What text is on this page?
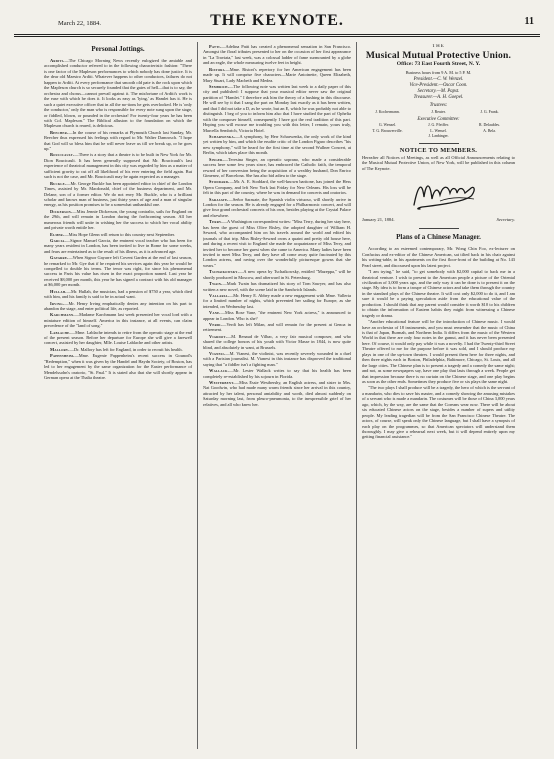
March 22, 1884.	THE KEYNOTE.	11
Personal Jottings.

Arditi.—The Chicago Morning News recently eulogized the amiable and accomplished conductor referred to in the following characteristic fashion: "There is one factor of the Mapleson performances to which nobody has done justice. It is the dear old Maestro Arditi. Whatever happens to other conductors, failures do not happen to Arditi. At every performance that smooth old pate is the rock upon which the Mapleson church is so securely founded that the gates of hell—that is to say, the orchestra and chorus—cannot prevail against it. The misfortune of Arditi's work is the ease with which he does it. It looks as easy as 'lying,' as Hamlet has it. He is such a quiet executive officer that in all the no-tions he gets overlooked. He is 'only the conductor,' only the man who is responsible for every note sung upon the stage, or fiddled, blown, or pounded in the orchestra! For twenty-four years he has been with Col. Mapleson." The Biblical allusion to the foundation on which the Mapleson church is reared, is delicious.

Beecher.—In the course of his remarks at Plymouth Church last Sunday, Mr. Beecher thus expressed his feelings with regard to Mr. Walter Damrosch. "I hope that God will so bless him that he will never leave us till we break up, or he goes up."

Boucicault.—There is a story that a theatre is to be built in New York for Mr. Dion Boucicault. It has been generally supposed that Mr. Boucicault's last experience of theatrical management in this city was regarded by him as a matter of sufficient gravity to cut off all likelihood of his ever entering the field again. But such is not the case, and Mr. Boucicault may be again expected as a manager.

Buckle.—Mr. George Buckle has been appointed editor in chief of the London Times, assisted by Mr. Macdonald, chief of the business department, and Mr. Delane, son of a former editor. We do not envy Mr. Buckle, who is a brilliant scholar and knows man of business, just thirty years of age and a man of singular energy, as his position promises to be a somewhat unthankful one.

Dickerson.—Miss Jennie Dickerson, the young contralto, sails for England on the 29th, and will remain in London during the forthcoming season. All her numerous friends will unite in wishing her the success to which her vocal ability and private worth entitle her.

Elmer.—Miss Hope Glenn will return to this country next September.

Garcia.—Signor Manuel Garcia, the eminent vocal teacher who has been for many years resident in London, has been invited to live in Rome for some weeks, and fears are entertained as to the result of his illness, as it is advanced age.

Gayarre.—When Signor Gayarre left Covent Garden at the end of last season, he remarked to Mr. Gye that if he required his services again this year he would be compelled to double his terms. The tenor was right, for since his phenomenal success in Paris his value has risen in the exact proportion named. Last year he received $8,000 per month, this year he has signed a contract with his old manager at $6,000 per month.

Hullah.—Mr. Hullah, the musician, had a pension of $750 a year, which died with him, and his family is said to be in actual want.

Irving.—Mr. Henry Irving emphatically denies any intention on his part to abandon the stage, and enter political life, as reported.

Karchmann.—Madame Karchmann last week presented her vocal lord with a miniature edition of himself. America in this instance, at all events, can claim precedence of the "land of song."

Lablache.—Mme. Lablache intends to retire from the operatic stage at the end of the present season. Before her departure for Europe she will give a farewell concert, assisted by her daughter, Mlle. Louise Lablache and other artists.

Mallory.—Dr. Mallory has left for England, in order to recruit his health.

Pappenheim.—Mme. Eugenie Pappenheim's recent success in Gounod's "Redemption," when it was given by the Handel and Haydn Society, of Boston, has led to her engagement by the same organization for the Easter performance of Mendelssohn's oratorio, "St. Paul." It is stated also that she will shortly appear in German opera at the Thalia theatre.

Patti.—Adelina Patti has created a phenomenal sensation in San Francisco. Amongst the floral tributes presented to her on the occasion of her first appearance in "La Traviata," last week, was a colossal ladder of fame surmounted by a globe and an eagle, the whole measuring twelve feet in height.

Ristori.—Mme. Ristori's repertory for her American engagement has been made up. It will comprise five characters—Marie Antoinette, Queen Elizabeth, Mary Stuart, Lady Macbeth and Medea.

Sembrich.—The following note was written last week to a daily paper of this city and published: I suppose that your musical editor never saw the original partition of "Hamlet." I therefore ask him the theory of a hushing in this discourse. He will see by it that I sang the part on Monday last exactly as it has been written, and that I did not take a D, as he wrote, but an E, which he was probably not able to distinguish. I beg of you to inform him also that I have studied the part of Ophelia with the composer himself, consequently I have got the real tradition of this part. Hoping you will excuse me troubling you with this letter, I remain, yours truly, Marcella Sembrich, Victoria Hotel.

Scharwenka.—A symphony, by Herr Scharwenka, the only work of the kind yet written by him, and which the erudite critic of the London Figaro describes "his new symphony," will be heard for the first time at the second Wullner Concert, at Berlin, which takes place this month.

Singer.—Teresina Singer, an operatic soprano, who made a considerable success here some few years since, has embraced the Catholic faith, the temporal reward of her conversion being the acquisition of a wealthy husband, Don Enrico Gimenez, of Barcelona. She has also bid adieu to the stage.

Stoddard.—Mr. A. E. Stoddard, the well-known baritone, has joined the Hess Opera Company, and left New York last Friday for New Orleans. His loss will be felt in this part of the country, where he was in demand for concerts and oratorios.

Sarasate.—Señor Sarasate, the Spanish violin virtuoso, will shortly arrive in London for the season. He is already engaged for a Philharmonic concert, and will give four grand orchestral concerts of his own, besides playing at the Crystal Palace and elsewhere.

Terry.—A Washington correspondent writes: "Miss Terry, during her stay here, has been the guest of Miss Olive Risley, the adopted daughter of William H. Seward, who accompanied him on his travels around the world and edited his journals of that trip. Miss Risley-Seward owns a quaint and pretty old house here, and during a recent visit to England she made the acquaintance of Miss Terry, and invited her to become her guest when she came to America. Many ladies have been invited to meet Miss Terry, and they have all come away quite fascinated by this London actress, and raving over the wonderfully picturesque gowns that she wears."

Tschaikowsky.—A new opera by Tschaikowsky, entitled "Mazeppa," will be shortly produced in Moscow, and afterward in St. Petersburg.

Twain.—Mark Twain has dramatized his story of Tom Sawyer, and has also written a new novel, with the scene laid in the Sandwich Islands.

Vallaria.—Mr. Henry E. Abbey made a new engagement with Mme. Valleria for a limited number of nights, which prevented her sailing for Europe, as she intended, on Wednesday last.

Vane.—Miss Rose Vane, "the eminent New York actress," is announced to appear in London. Who is she?

Verdi.—Verdi has left Milan, and will remain for the present at Genoa in retirement.

Viardot.—M. Renaud de Vilbac, a very fair musical composer, and who shared the college honors of his youth with Victor Masse in 1844, is now quite blind, and absolutely in want, at Brussels.

Vianesi.—M. Vianesi, the violinist, was recently severely wounded in a duel with a Parisian journalist. M. Vianesi in this instance has disproved the traditional saying that "a fiddler isn't a fighting man."

Wallack.—Mr. Lester Wallack writes to say that his health has been completely re-established by his sojourn in Florida.

Westerbent.—Miss Essie Westbershy, an English actress, and sister to Mrs. Nat Goodwin, who had made many warm friends since her arrival in this country, attracted by her talent, personal amiability and worth, died almost suddenly on Saturday morning last, from pleuro-pneumonia, to the inexpressible grief of her relatives, and all who knew her.

THE
Musical Mutual Protective Union.
Office: 73 East Fourth Street, N. Y.
Business hours from 9 A. M. to 5 P. M.
President.—C. W. Wenzel.
Vice-President.—Oscar Coon.
Secretary.—M. Papst.
Treasurer.—A. H. Goepel.
Trustees:
J. Kochermann.	J. Reuter.	J. G. Frank.
Executive Committee:
G. Wenzel.	J. G. Pfeiffer.	R. Delaubles.
T. G. Brouwerville.	L. Wensel.	A. Bela.
J. Lanbinger.
NOTICE TO MEMBERS.
Hereafter all Notices of Meetings, as well as all Official Announcements relating to the Musical Mutual Protective Union, of New York, will be published in this column of The Keynote.
January 21, 1884.	Secretary.
Plans of a Chinese Manager.

According to an esteemed contemporary, Mr. Wong Chin Foo, ex-lecturer on Confucius and ex-editor of the Chinese American, sat tilted back in his chair against his writing-table, in his apartments on the first floor-front of the building at No. 143 Pearl street, and discoursed upon his latest project.

"I am trying," he said, "to get somebody with $2,000 capital to back me in a theatrical venture. I wish to present to the American people a picture of the Oriental civilization of 3,000 years ago, and the only way it can be done is to present it on the stage. My idea is to form a troupe of Chinese actors and take them through the country in the standard plays of the Chinese theatre. It will cost only $2,000 to do it, and I am sure it would be a paying speculation aside from the educational value of the production. I should think that any parent would consider it worth $10 to his children to obtain the information of Eastern habits they might from witnessing a Chinese tragedy or drama.

"Another educational feature will be the introduction of Chinese music. I would have an orchestra of 18 instruments, and you must remember that the music of China is that of Japan, Burmah, and Northern India. It differs from the music of the Western World in that there are only four notes in the gamut, and it has never been presented here. Of course, it would only pay while it was a novelty. I had the Twenty-third Street Theatre offered to me for the purpose before it was sold, and I should produce my plays in one of the up-town theatres. I would present them here for three nights, and then three nights each in Boston, Philadelphia, Baltimore, Chicago, St. Louis, and all the large cities. The Chinese plan is to present a tragedy and a comedy the same night; and not, as some newspapers say, have one play that lasts through a week. People get that impression because there is no curtain on the Chinese stage, and one play begins as soon as the other ends. Sometimes they produce five or six plays the same night.

"The two plays I shall produce will be a tragedy, the hero of which is the servant of a mandarin, who dies to save his master, and a comedy showing the amusing mistakes of a servant who is made a mandarin. The costumes will be those of China 3,000 years ago, which, by the way, are the same that the Coreans wear now. There will be about six educated Chinese actors on the stage, besides a number of supers and utility people. My leading tragedian will be from the San Francisco Chinese Theatre. The actors, of course, will speak only the Chinese language, but I shall have a synopsis of each play on the programmes, so that American spectators will understand them thoroughly. I may give a rehearsal next week, but it will depend entirely upon my getting financial assistance."
